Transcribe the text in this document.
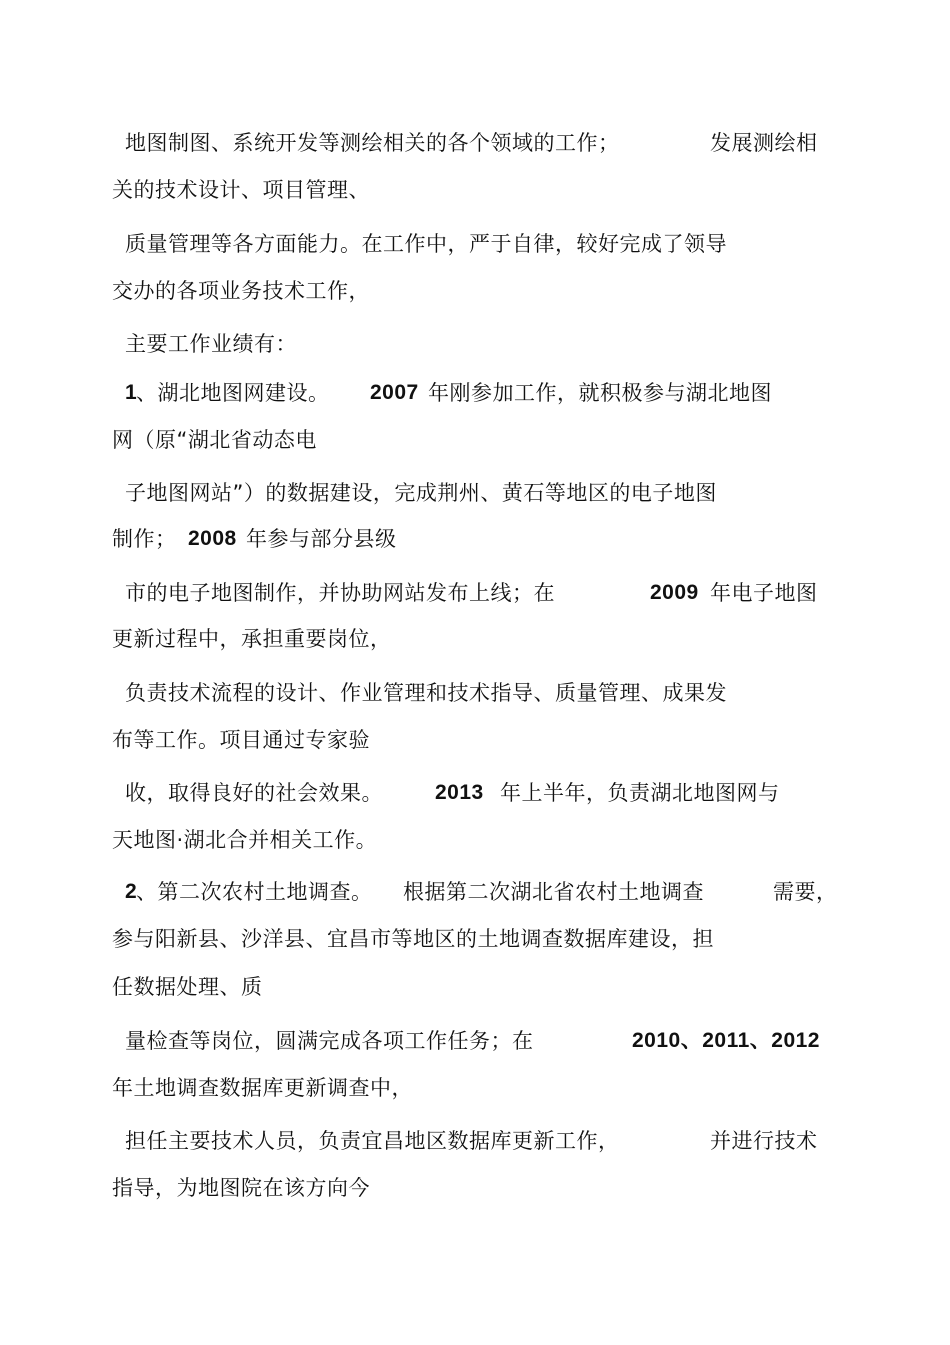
地图制图、系统开发等测绘相关的各个领域的工作；	发展测绘相
关的技术设计、项目管理、
质量管理等各方面能力。在工作中，严于自律，较好完成了领导
交办的各项业务技术工作，
主要工作业绩有：
1
、湖北地图网建设。 2007 年刚参加工作，就积极参与湖北地图
网（原“湖北省动态电
子地图网站”）的数据建设，完成荆州、黄石等地区的电子地图
制作； 2008 年参与部分县级
市的电子地图制作，并协助网站发布上线；在	2009 年电子地图
更新过程中，承担重要岗位，
负责技术流程的设计、作业管理和技术指导、质量管理、成果发
布等工作。项目通过专家验
收，取得良好的社会效果。 2013 年上半年，负责湖北地图网与
天地图·湖北合并相关工作。
2
、第二次农村土地调查。 根据第二次湖北省农村土地调查	需要，
参与阳新县、沙洋县、宜昌市等地区的土地调查数据库建设，担
任数据处理、质
量检查等岗位，圆满完成各项工作任务；在	2010、2011、2012
年土地调查数据库更新调查中，
担任主要技术人员，负责宜昌地区数据库更新工作，	并进行技术
指导，为地图院在该方向今
